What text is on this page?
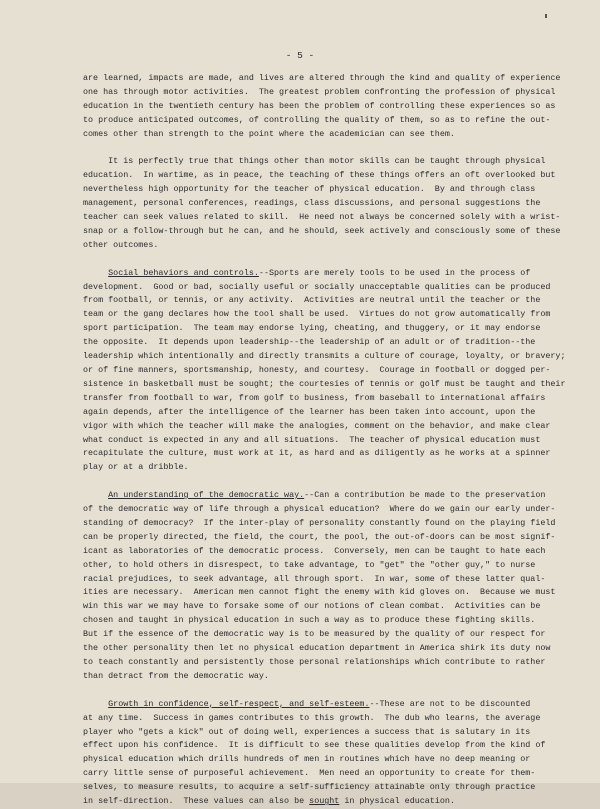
- 5 -
are learned, impacts are made, and lives are altered through the kind and quality of experience
one has through motor activities.  The greatest problem confronting the profession of physical
education in the twentieth century has been the problem of controlling these experiences so as
to produce anticipated outcomes, of controlling the quality of them, so as to refine the out-
comes other than strength to the point where the academician can see them.
It is perfectly true that things other than motor skills can be taught through physical
education.  In wartime, as in peace, the teaching of these things offers an oft overlooked but
nevertheless high opportunity for the teacher of physical education.  By and through class
management, personal conferences, readings, class discussions, and personal suggestions the
teacher can seek values related to skill.  He need not always be concerned solely with a wrist-
snap or a follow-through but he can, and he should, seek actively and consciously some of these
other outcomes.
Social behaviors and controls.--Sports are merely tools to be used in the process of
development.  Good or bad, socially useful or socially unacceptable qualities can be produced
from football, or tennis, or any activity.  Activities are neutral until the teacher or the
team or the gang declares how the tool shall be used.  Virtues do not grow automatically from
sport participation.  The team may endorse lying, cheating, and thuggery, or it may endorse
the opposite.  It depends upon leadership--the leadership of an adult or of tradition--the
leadership which intentionally and directly transmits a culture of courage, loyalty, or bravery;
or of fine manners, sportsmanship, honesty, and courtesy.  Courage in football or dogged per-
sistence in basketball must be sought; the courtesies of tennis or golf must be taught and their
transfer from football to war, from golf to business, from baseball to international affairs
again depends, after the intelligence of the learner has been taken into account, upon the
vigor with which the teacher will make the analogies, comment on the behavior, and make clear
what conduct is expected in any and all situations.  The teacher of physical education must
recapitulate the culture, must work at it, as hard and as diligently as he works at a spinner
play or at a dribble.
An understanding of the democratic way.--Can a contribution be made to the preservation
of the democratic way of life through a physical education?  Where do we gain our early under-
standing of democracy?  If the inter-play of personality constantly found on the playing field
can be properly directed, the field, the court, the pool, the out-of-doors can be most signif-
icant as laboratories of the democratic process.  Conversely, men can be taught to hate each
other, to hold others in disrespect, to take advantage, to "get" the "other guy," to nurse
racial prejudices, to seek advantage, all through sport.  In war, some of these latter qual-
ities are necessary.  American men cannot fight the enemy with kid gloves on.  Because we must
win this war we may have to forsake some of our notions of clean combat.  Activities can be
chosen and taught in physical education in such a way as to produce these fighting skills.
But if the essence of the democratic way is to be measured by the quality of our respect for
the other personality then let no physical education department in America shirk its duty now
to teach constantly and persistently those personal relationships which contribute to rather
than detract from the democratic way.
Growth in confidence, self-respect, and self-esteem.--These are not to be discounted
at any time.  Success in games contributes to this growth.  The dub who learns, the average
player who "gets a kick" out of doing well, experiences a success that is salutary in its
effect upon his confidence.  It is difficult to see these qualities develop from the kind of
physical education which drills hundreds of men in routines which have no deep meaning or
carry little sense of purposeful achievement.  Men need an opportunity to create for them-
selves, to measure results, to acquire a self-sufficiency attainable only through practice
in self-direction.  These values can also be sought in physical education.
